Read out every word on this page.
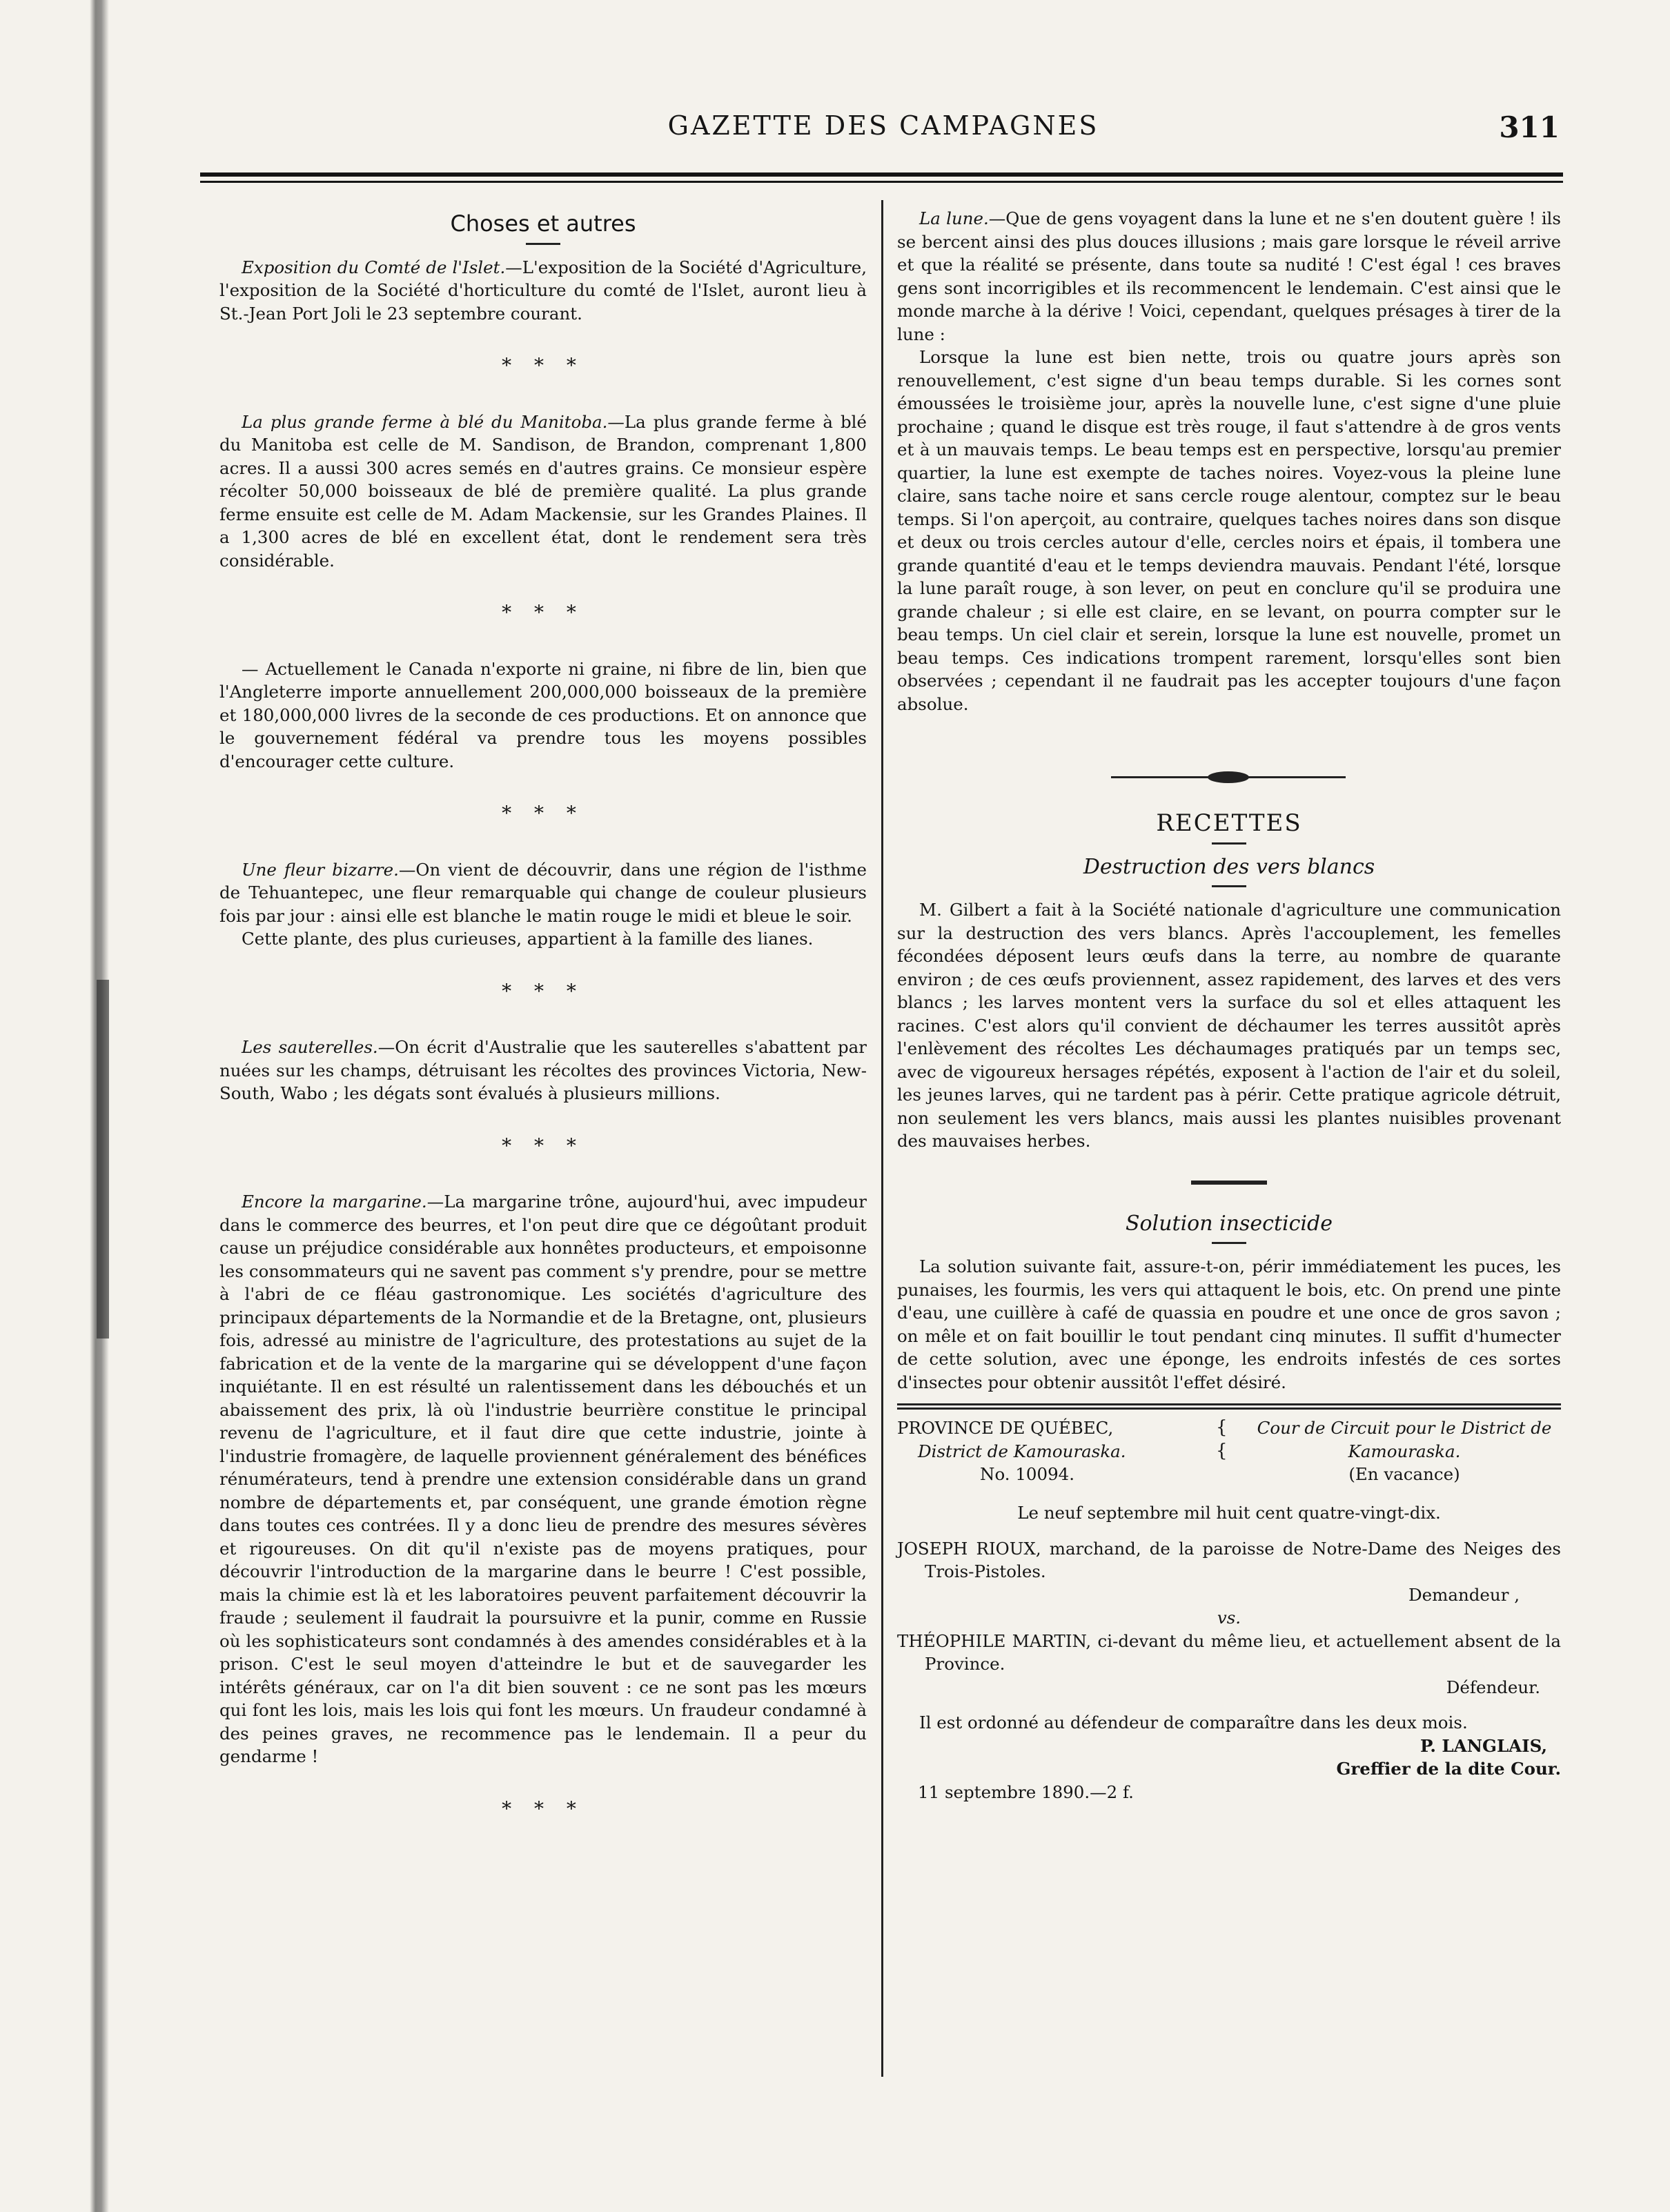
GAZETTE DES CAMPAGNES	311
Choses et autres

Exposition du Comté de l'Islet.—L'exposition de la Société d'Agriculture, l'exposition de la Société d'horticulture du comté de l'Islet, auront lieu à St.-Jean Port Joli le 23 septembre courant.

* * *

La plus grande ferme à blé du Manitoba.—La plus grande ferme à blé du Manitoba est celle de M. Sandison, de Brandon, comprenant 1,800 acres. Il a aussi 300 acres semés en d'autres grains. Ce monsieur espère récolter 50,000 boisseaux de blé de première qualité. La plus grande ferme ensuite est celle de M. Adam Mackensie, sur les Grandes Plaines. Il a 1,300 acres de blé en excellent état, dont le rendement sera très considérable.

* * *

— Actuellement le Canada n'exporte ni graine, ni fibre de lin, bien que l'Angleterre importe annuellement 200,000,000 boisseaux de la première et 180,000,000 livres de la seconde de ces productions. Et on annonce que le gouvernement fédéral va prendre tous les moyens possibles d'encourager cette culture.

* * *

Une fleur bizarre.—On vient de découvrir, dans une région de l'isthme de Tehuantepec, une fleur remarquable qui change de couleur plusieurs fois par jour : ainsi elle est blanche le matin rouge le midi et bleue le soir.

Cette plante, des plus curieuses, appartient à la famille des lianes.

* * *

Les sauterelles.—On écrit d'Australie que les sauterelles s'abattent par nuées sur les champs, détruisant les récoltes des provinces Victoria, New-South, Wabo ; les dégats sont évalués à plusieurs millions.

* * *

Encore la margarine.—La margarine trône, aujourd'hui, avec impudeur dans le commerce des beurres, et l'on peut dire que ce dégoûtant produit cause un préjudice considérable aux honnêtes producteurs, et empoisonne les consommateurs qui ne savent pas comment s'y prendre, pour se mettre à l'abri de ce fléau gastronomique. Les sociétés d'agriculture des principaux départements de la Normandie et de la Bretagne, ont, plusieurs fois, adressé au ministre de l'agriculture, des protestations au sujet de la fabrication et de la vente de la margarine qui se développent d'une façon inquiétante. Il en est résulté un ralentissement dans les débouchés et un abaissement des prix, là où l'industrie beurrière constitue le principal revenu de l'agriculture, et il faut dire que cette industrie, jointe à l'industrie fromagère, de laquelle proviennent généralement des bénéfices rénumérateurs, tend à prendre une extension considérable dans un grand nombre de départements et, par conséquent, une grande émotion règne dans toutes ces contrées. Il y a donc lieu de prendre des mesures sévères et rigoureuses. On dit qu'il n'existe pas de moyens pratiques, pour découvrir l'introduction de la margarine dans le beurre ! C'est possible, mais la chimie est là et les laboratoires peuvent parfaitement découvrir la fraude ; seulement il faudrait la poursuivre et la punir, comme en Russie où les sophisticateurs sont condamnés à des amendes considérables et à la prison. C'est le seul moyen d'atteindre le but et de sauvegarder les intérêts généraux, car on l'a dit bien souvent : ce ne sont pas les mœurs qui font les lois, mais les lois qui font les mœurs. Un fraudeur condamné à des peines graves, ne recommence pas le lendemain. Il a peur du gendarme !

* * *

La lune.—Que de gens voyagent dans la lune et ne s'en doutent guère ! ils se bercent ainsi des plus douces illusions ; mais gare lorsque le réveil arrive et que la réalité se présente, dans toute sa nudité ! C'est égal ! ces braves gens sont incorrigibles et ils recommencent le lendemain. C'est ainsi que le monde marche à la dérive ! Voici, cependant, quelques présages à tirer de la lune :

Lorsque la lune est bien nette, trois ou quatre jours après son renouvellement, c'est signe d'un beau temps durable. Si les cornes sont émoussées le troisième jour, après la nouvelle lune, c'est signe d'une pluie prochaine ; quand le disque est très rouge, il faut s'attendre à de gros vents et à un mauvais temps. Le beau temps est en perspective, lorsqu'au premier quartier, la lune est exempte de taches noires. Voyez-vous la pleine lune claire, sans tache noire et sans cercle rouge alentour, comptez sur le beau temps. Si l'on aperçoit, au contraire, quelques taches noires dans son disque et deux ou trois cercles autour d'elle, cercles noirs et épais, il tombera une grande quantité d'eau et le temps deviendra mauvais. Pendant l'été, lorsque la lune paraît rouge, à son lever, on peut en conclure qu'il se produira une grande chaleur ; si elle est claire, en se levant, on pourra compter sur le beau temps. Un ciel clair et serein, lorsque la lune est nouvelle, promet un beau temps. Ces indications trompent rarement, lorsqu'elles sont bien observées ; cependant il ne faudrait pas les accepter toujours d'une façon absolue.

RECETTES
Destruction des vers blancs

M. Gilbert a fait à la Société nationale d'agriculture une communication sur la destruction des vers blancs. Après l'accouplement, les femelles fécondées déposent leurs œufs dans la terre, au nombre de quarante environ ; de ces œufs proviennent, assez rapidement, des larves et des vers blancs ; les larves montent vers la surface du sol et elles attaquent les racines. C'est alors qu'il convient de déchaumer les terres aussitôt après l'enlèvement des récoltes Les déchaumages pratiqués par un temps sec, avec de vigoureux hersages répétés, exposent à l'action de l'air et du soleil, les jeunes larves, qui ne tardent pas à périr. Cette pratique agricole détruit, non seulement les vers blancs, mais aussi les plantes nuisibles provenant des mauvaises herbes.

Solution insecticide

La solution suivante fait, assure-t-on, périr immédiatement les puces, les punaises, les fourmis, les vers qui attaquent le bois, etc. On prend une pinte d'eau, une cuillère à café de quassia en poudre et une once de gros savon ; on mêle et on fait bouillir le tout pendant cinq minutes. Il suffit d'humecter de cette solution, avec une éponge, les endroits infestés de ces sortes d'insectes pour obtenir aussitôt l'effet désiré.

PROVINCE DE QUÉBEC,
District de Kamouraska.
No. 10094.
{
{
Cour de Circuit pour le District de
Kamouraska.
(En vacance)

Le neuf septembre mil huit cent quatre-vingt-dix.

JOSEPH RIOUX, marchand, de la paroisse de Notre-Dame des Neiges des Trois-Pistoles.

Demandeur ,

vs.

THÉOPHILE MARTIN, ci-devant du même lieu, et actuellement absent de la Province.

Défendeur.

Il est ordonné au défendeur de comparaître dans les deux mois.

P. LANGLAIS,

Greffier de la dite Cour.

11 septembre 1890.—2 f.
